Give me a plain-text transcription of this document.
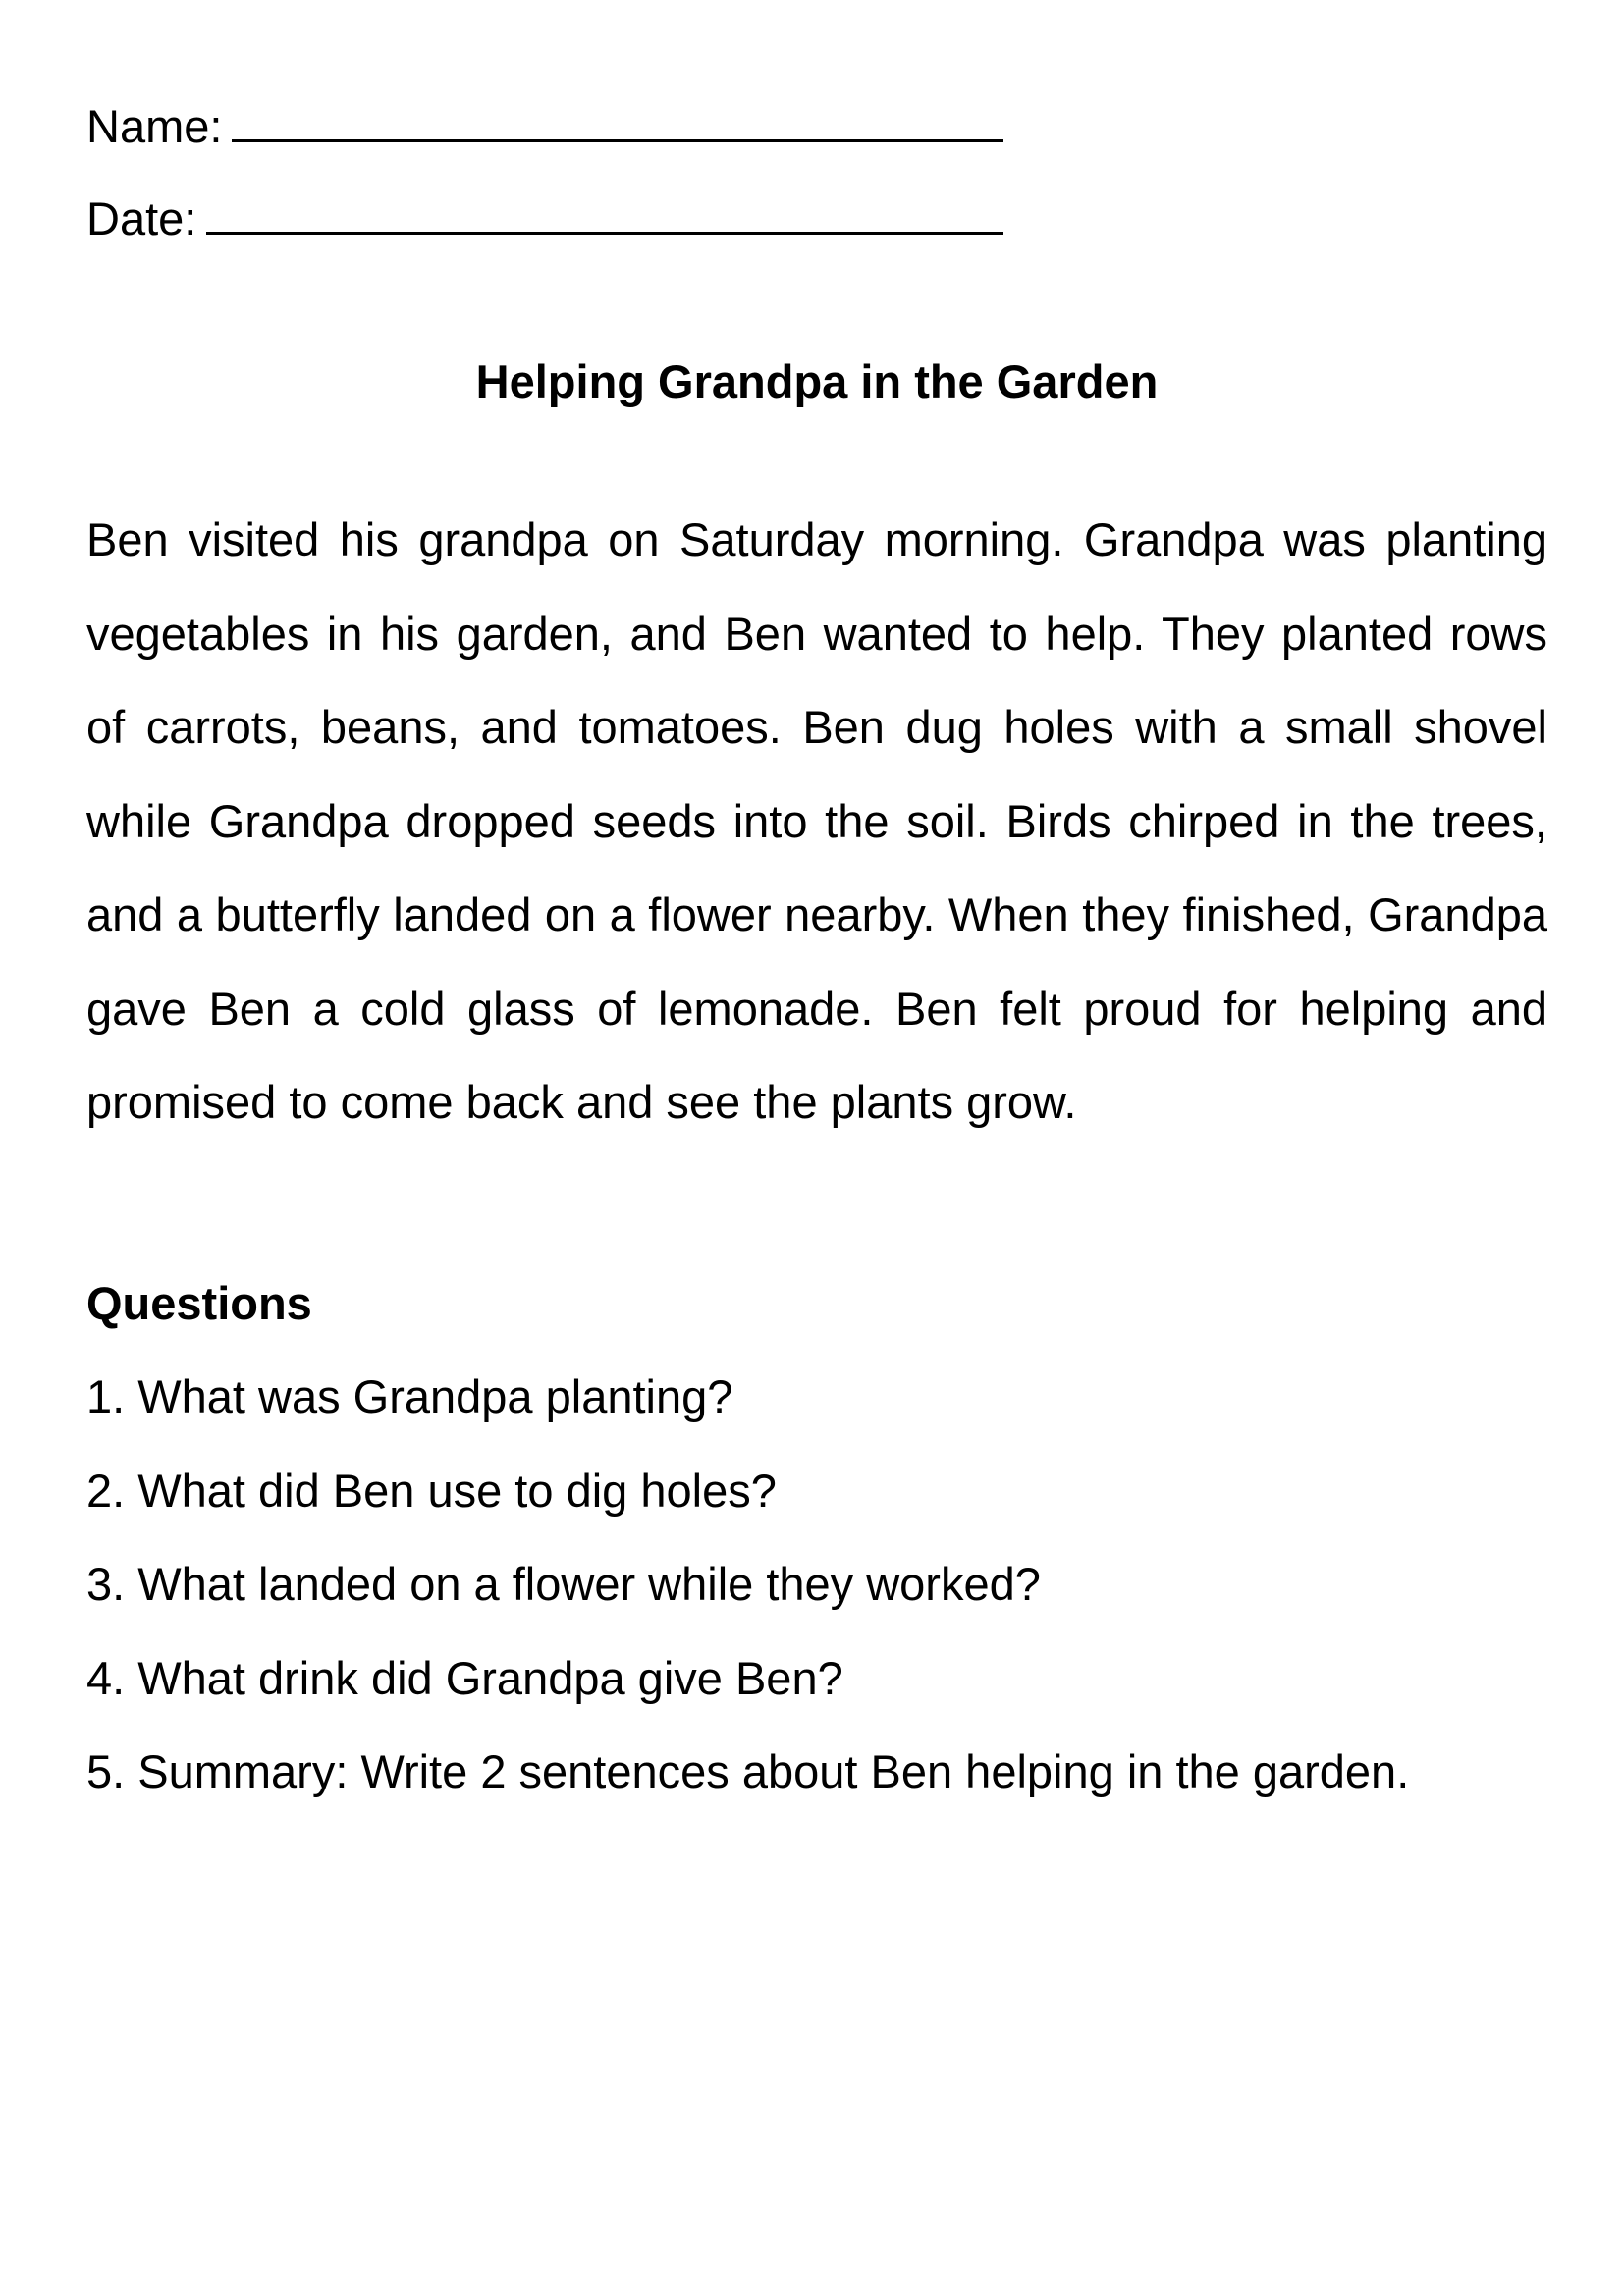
Name:
Date:
Helping Grandpa in the Garden

Ben visited his grandpa on Saturday morning. Grandpa was planting vegetables in his garden, and Ben wanted to help. They planted rows of carrots, beans, and tomatoes. Ben dug holes with a small shovel while Grandpa dropped seeds into the soil. Birds chirped in the trees, and a butterfly landed on a flower nearby. When they finished, Grandpa gave Ben a cold glass of lemonade. Ben felt proud for helping and promised to come back and see the plants grow.

Questions
1. What was Grandpa planting?
2. What did Ben use to dig holes?
3. What landed on a flower while they worked?
4. What drink did Grandpa give Ben?
5. Summary: Write 2 sentences about Ben helping in the garden.
